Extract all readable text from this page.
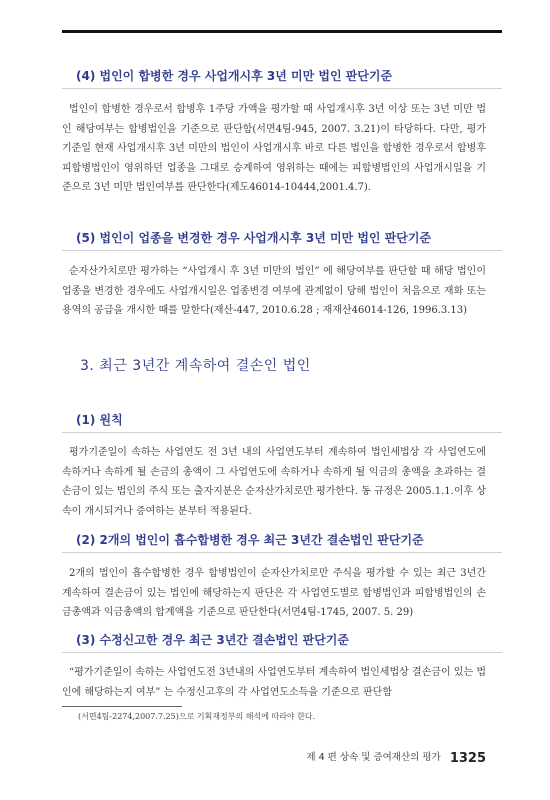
(4) 법인이 합병한 경우 사업개시후 3년 미만 법인 판단기준
법인이 합병한 경우로서 합병후 1주당 가액을 평가할 때 사업개시후 3년 이상 또는 3년 미만 법인 해당여부는 합병법인을 기준으로 판단함(서면4팀-945, 2007. 3.21)이 타당하다. 다만, 평가기준일 현재 사업개시후 3년 미만의 법인이 사업개시후 바로 다른 법인을 합병한 경우로서 합병후 피합병법인이 영위하던 업종을 그대로 승계하여 영위하는 때에는 피합병법인의 사업개시일을 기준으로 3년 미만 법인여부를 판단한다(제도46014-10444,2001.4.7).
(5) 법인이 업종을 변경한 경우 사업개시후 3년 미만 법인 판단기준
순자산가치로만 평가하는 “사업개시 후 3년 미만의 법인” 에 해당여부를 판단할 때 해당 법인이 업종을 변경한 경우에도 사업개시일은 업종변경 여부에 관계없이 당해 법인이 처음으로 재화 또는 용역의 공급을 개시한 때를 말한다(재산-447, 2010.6.28 ; 재재산46014-126, 1996.3.13)
3. 최근 3년간 계속하여 결손인 법인
(1) 원칙
평가기준일이 속하는 사업연도 전 3년 내의 사업연도부터 계속하여 법인세법상 각 사업연도에 속하거나 속하게 될 손금의 총액이 그 사업연도에 속하거나 속하게 될 익금의 총액을 초과하는 결손금이 있는 법인의 주식 또는 출자지분은 순자산가치로만 평가한다. 동 규정은 2005.1.1.이후 상속이 개시되거나 증여하는 분부터 적용된다.
(2) 2개의 법인이 흡수합병한 경우 최근 3년간 결손법인 판단기준
2개의 법인이 흡수합병한 경우 합병법인이 순자산가치로만 주식을 평가할 수 있는 최근 3년간 계속하여 결손금이 있는 법인에 해당하는지 판단은 각 사업연도별로 합병법인과 피합병법인의 손금총액과 익금총액의 합계액을 기준으로 판단한다(서면4팀-1745, 2007. 5. 29)
(3) 수정신고한 경우 최근 3년간 결손법인 판단기준
“평가기준일이 속하는 사업연도전 3년내의 사업연도부터 계속하여 법인세법상 결손금이 있는 법인에 해당하는지 여부” 는 수정신고후의 각 사업연도소득을 기준으로 판단함
(서면4팀-2274,2007.7.25)으로 기획재정부의 해석에 따라야 한다.
제 4 편 상속 및 증여재산의 평가 1325
